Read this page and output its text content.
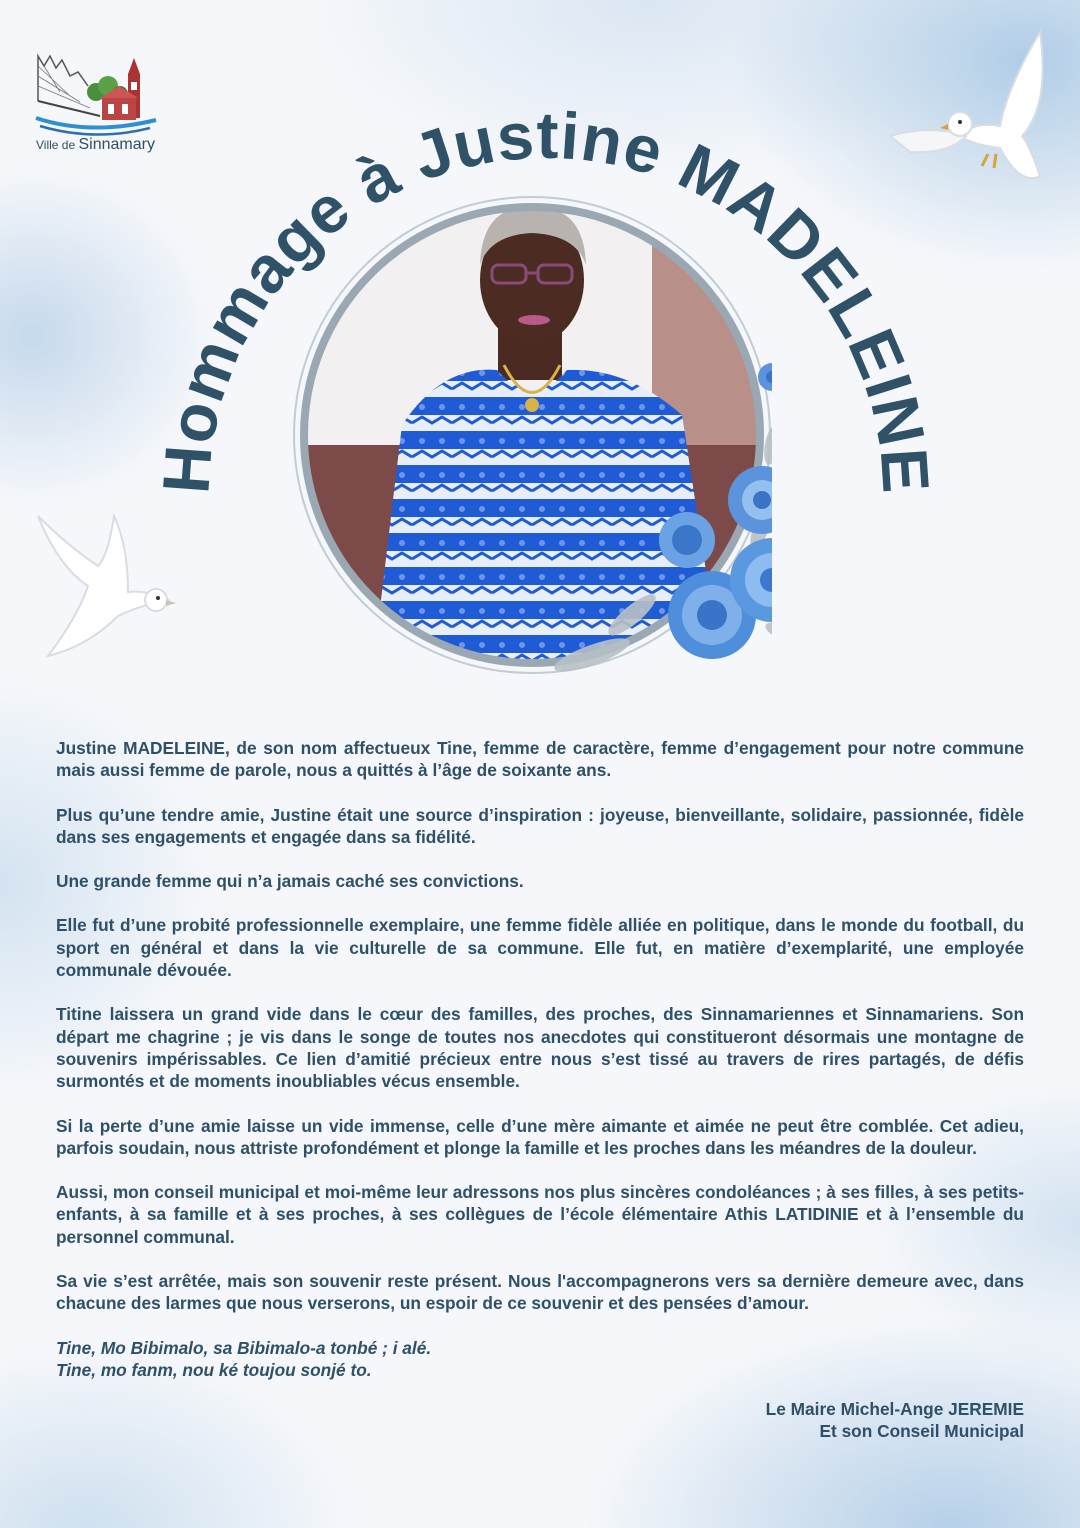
Ville de Sinnamary
Hommage à Justine MADELEINE

Justine MADELEINE, de son nom affectueux Tine, femme de caractère, femme d’engagement pour notre commune mais aussi femme de parole, nous a quittés à l’âge de soixante ans.

Plus qu’une tendre amie, Justine était une source d’inspiration : joyeuse, bienveillante, solidaire, passionnée, fidèle dans ses engagements et engagée dans sa fidélité.

Une grande femme qui n’a jamais caché ses convictions.

Elle fut d’une probité professionnelle exemplaire, une femme fidèle alliée en politique, dans le monde du football, du sport en général et dans la vie culturelle de sa commune. Elle fut, en matière d’exemplarité, une employée communale dévouée.

Titine laissera un grand vide dans le cœur des familles, des proches, des Sinnamariennes et Sinnamariens. Son départ me chagrine ; je vis dans le songe de toutes nos anecdotes qui constitueront désormais une montagne de souvenirs impérissables. Ce lien d’amitié précieux entre nous s’est tissé au travers de rires partagés, de défis surmontés et de moments inoubliables vécus ensemble.

Si la perte d’une amie laisse un vide immense, celle d’une mère aimante et aimée ne peut être comblée. Cet adieu, parfois soudain, nous attriste profondément et plonge la famille et les proches dans les méandres de la douleur.

Aussi, mon conseil municipal et moi-même leur adressons nos plus sincères condoléances ; à ses filles, à ses petits-enfants, à sa famille et à ses proches, à ses collègues de l’école élémentaire Athis LATIDINIE et à l’ensemble du personnel communal.

Sa vie s’est arrêtée, mais son souvenir reste présent. Nous l'accompagnerons vers sa dernière demeure avec, dans chacune des larmes que nous verserons, un espoir de ce souvenir et des pensées d’amour.

Tine, Mo Bibimalo, sa Bibimalo-a tonbé ; i alé.
Tine, mo fanm, nou ké toujou sonjé to.

Le Maire Michel-Ange JEREMIE
Et son Conseil Municipal
